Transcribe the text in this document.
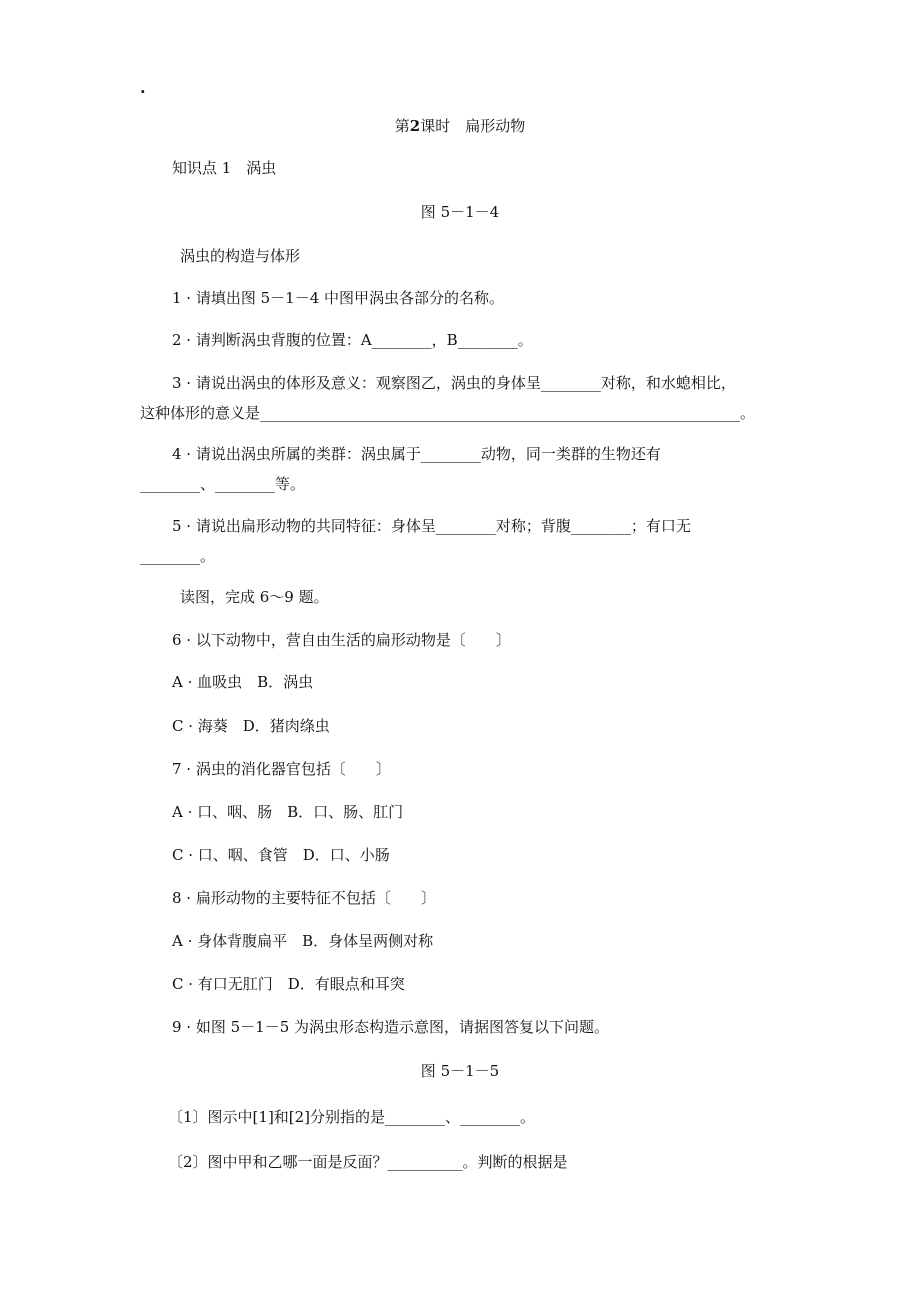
.
第2课时　扁形动物
知识点 1　涡虫
图 5－1－4
涡虫的构造与体形
1 · 请填出图 5－1－4 中图甲涡虫各部分的名称。
2 · 请判断涡虫背腹的位置：A________，B________。
3 · 请说出涡虫的体形及意义：观察图乙，涡虫的身体呈________对称，和水螅相比，
这种体形的意义是________________________________________________________________。
4 · 请说出涡虫所属的类群：涡虫属于________动物，同一类群的生物还有
________、________等。
5 · 请说出扁形动物的共同特征：身体呈________对称；背腹________；有口无
________。
读图，完成 6～9 题。
6 · 以下动物中，营自由生活的扁形动物是〔　　〕
A · 血吸虫　B．涡虫
C · 海葵　D．猪肉绦虫
7 · 涡虫的消化器官包括〔　　〕
A · 口、咽、肠　B．口、肠、肛门
C · 口、咽、食管　D．口、小肠
8 · 扁形动物的主要特征不包括〔　　〕
A · 身体背腹扁平　B．身体呈两侧对称
C · 有口无肛门　D．有眼点和耳突
9 · 如图 5－1－5 为涡虫形态构造示意图，请据图答复以下问题。
图 5－1－5
〔1〕图示中[1]和[2]分别指的是________、________。
〔2〕图中甲和乙哪一面是反面？__________。判断的根据是
